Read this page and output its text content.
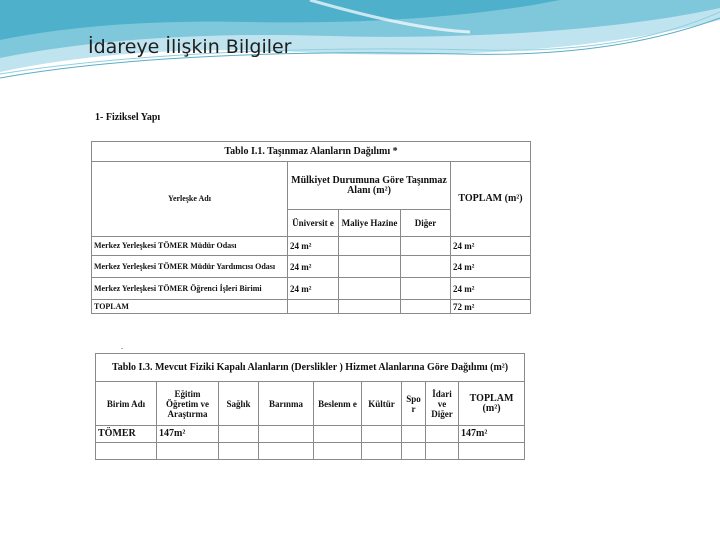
İdareye İlişkin Bilgiler
1- Fiziksel Yapı
Tablo I.1. Taşınmaz Alanların Dağılımı *				
Yerleşke Adı	Mülkiyet Durumuna Göre Taşınmaz Alanı (m²)			TOPLAM (m²)
	Üniversit e	Maliye Hazine	Diğer	
Merkez Yerleşkesi TÖMER Müdür Odası	24 m²			24 m²
Merkez Yerleşkesi TÖMER Müdür Yardımcısı Odası	24 m²			24 m²
Merkez Yerleşkesi TÖMER Öğrenci İşleri Birimi	24 m²			24 m²
TOPLAM				72 m²
.
Tablo I.3. Mevcut Fiziki Kapalı Alanların (Derslikler ) Hizmet Alanlarına Göre Dağılımı (m²)								
Birim Adı	Eğitim Öğretim ve Araştırma	Sağlık	Barınma	Beslenm e	Kültür	Spo r	İdari ve Diğer	TOPLAM (m²)
TÖMER	147m²							147m²
